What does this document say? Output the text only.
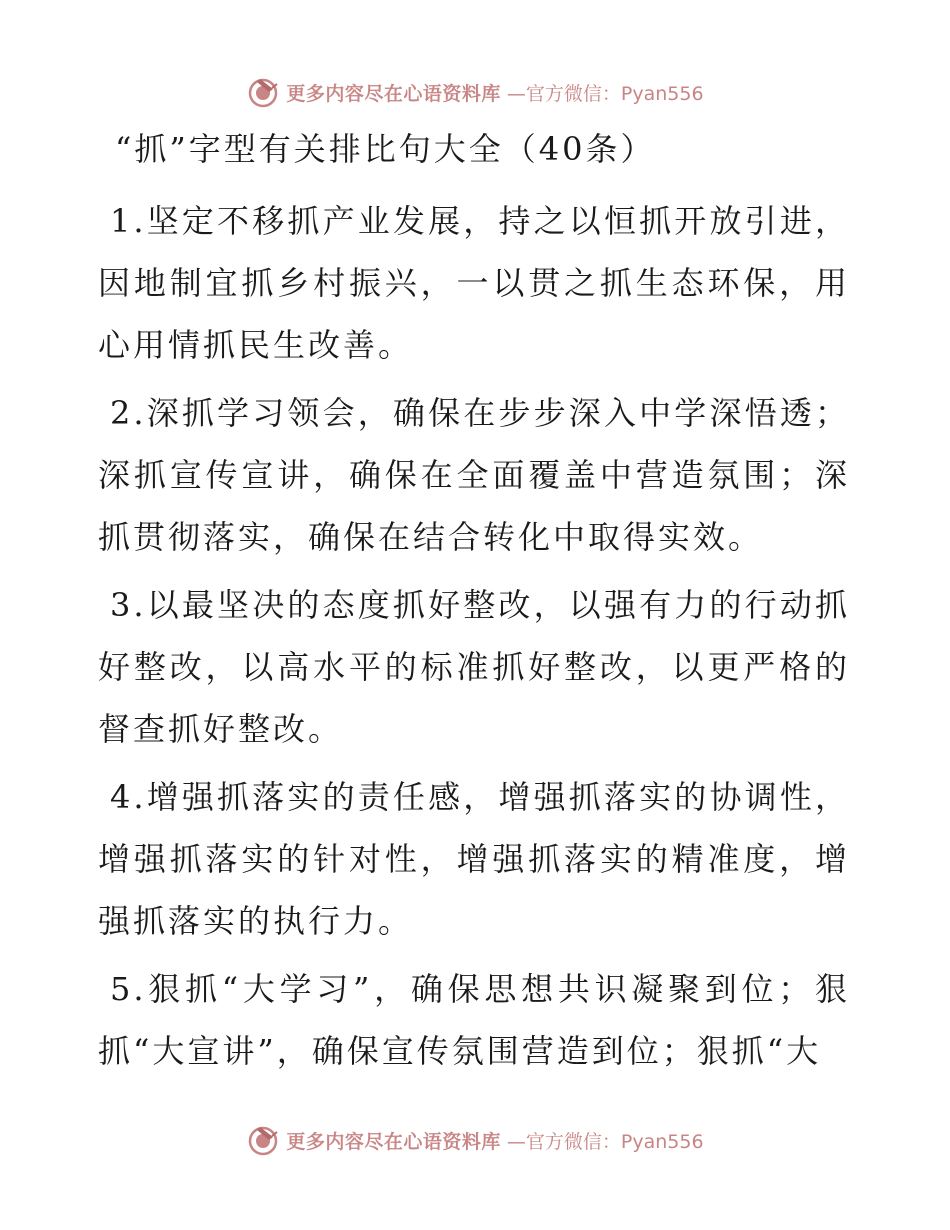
更多内容尽在心语资料库 —官方微信：Pyan556
“抓”字型有关排比句大全（40条）

1.坚定不移抓产业发展，持之以恒抓开放引进，因地制宜抓乡村振兴，一以贯之抓生态环保，用心用情抓民生改善。

2.深抓学习领会，确保在步步深入中学深悟透；深抓宣传宣讲，确保在全面覆盖中营造氛围；深抓贯彻落实，确保在结合转化中取得实效。

3.以最坚决的态度抓好整改，以强有力的行动抓好整改，以高水平的标准抓好整改，以更严格的督查抓好整改。

4.增强抓落实的责任感，增强抓落实的协调性，增强抓落实的针对性，增强抓落实的精准度，增强抓落实的执行力。

5.狠抓“大学习”，确保思想共识凝聚到位；狠抓“大宣讲”，确保宣传氛围营造到位；狠抓“大

更多内容尽在心语资料库 —官方微信：Pyan556
